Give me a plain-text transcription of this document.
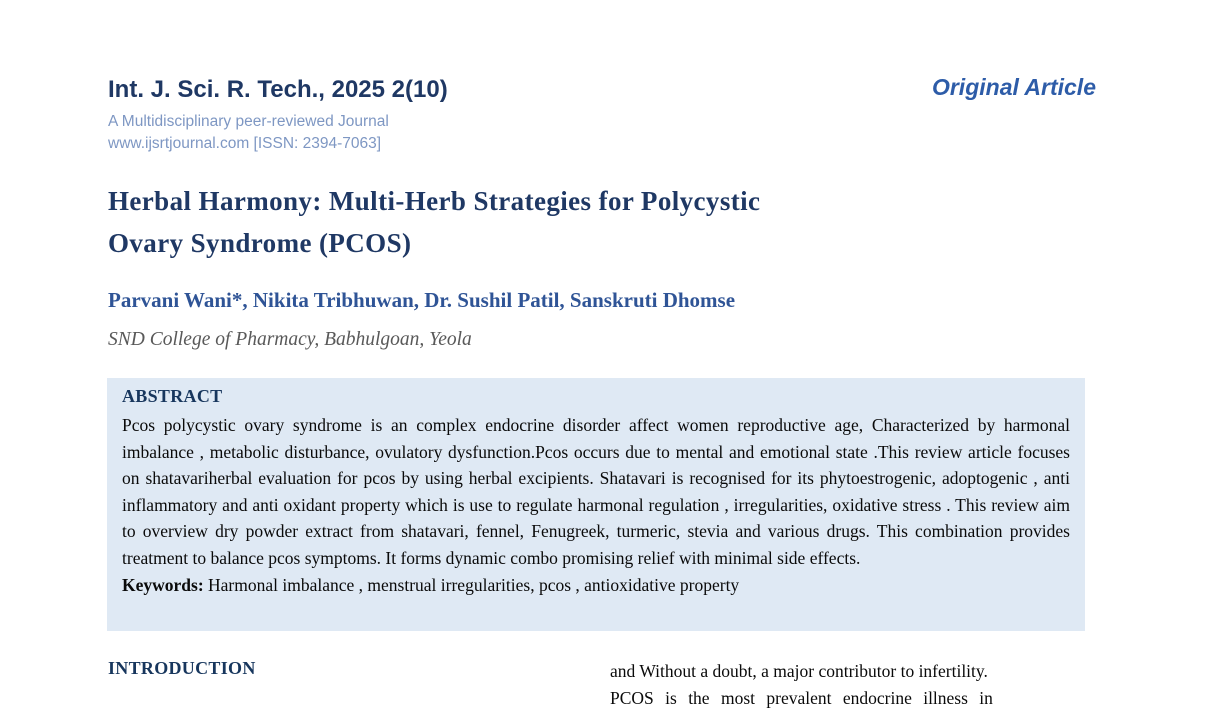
Int. J. Sci. R. Tech., 2025 2(10)
A Multidisciplinary peer-reviewed Journal
www.ijsrtjournal.com [ISSN: 2394-7063]
Original Article
Herbal Harmony: Multi-Herb Strategies for Polycystic
Ovary Syndrome (PCOS)
Parvani Wani*, Nikita Tribhuwan, Dr. Sushil Patil, Sanskruti Dhomse
SND College of Pharmacy, Babhulgoan, Yeola
ABSTRACT
Pcos polycystic ovary syndrome is an complex endocrine disorder affect women reproductive age, Characterized by harmonal imbalance , metabolic disturbance, ovulatory dysfunction.Pcos occurs due to mental and emotional state .This review article focuses on shatavariherbal evaluation for pcos by using herbal excipients. Shatavari is recognised for its phytoestrogenic, adoptogenic , anti inflammatory and anti oxidant property which is use to regulate harmonal regulation , irregularities, oxidative stress . This review aim to overview dry powder extract from shatavari, fennel, Fenugreek, turmeric, stevia and various drugs. This combination provides treatment to balance pcos symptoms. It forms dynamic combo promising relief with minimal side effects.
Keywords: Harmonal imbalance , menstrual irregularities, pcos , antioxidative property
INTRODUCTION	and Without a doubt, a major contributor to infertility.
PCOS is the most prevalent endocrine illness in
